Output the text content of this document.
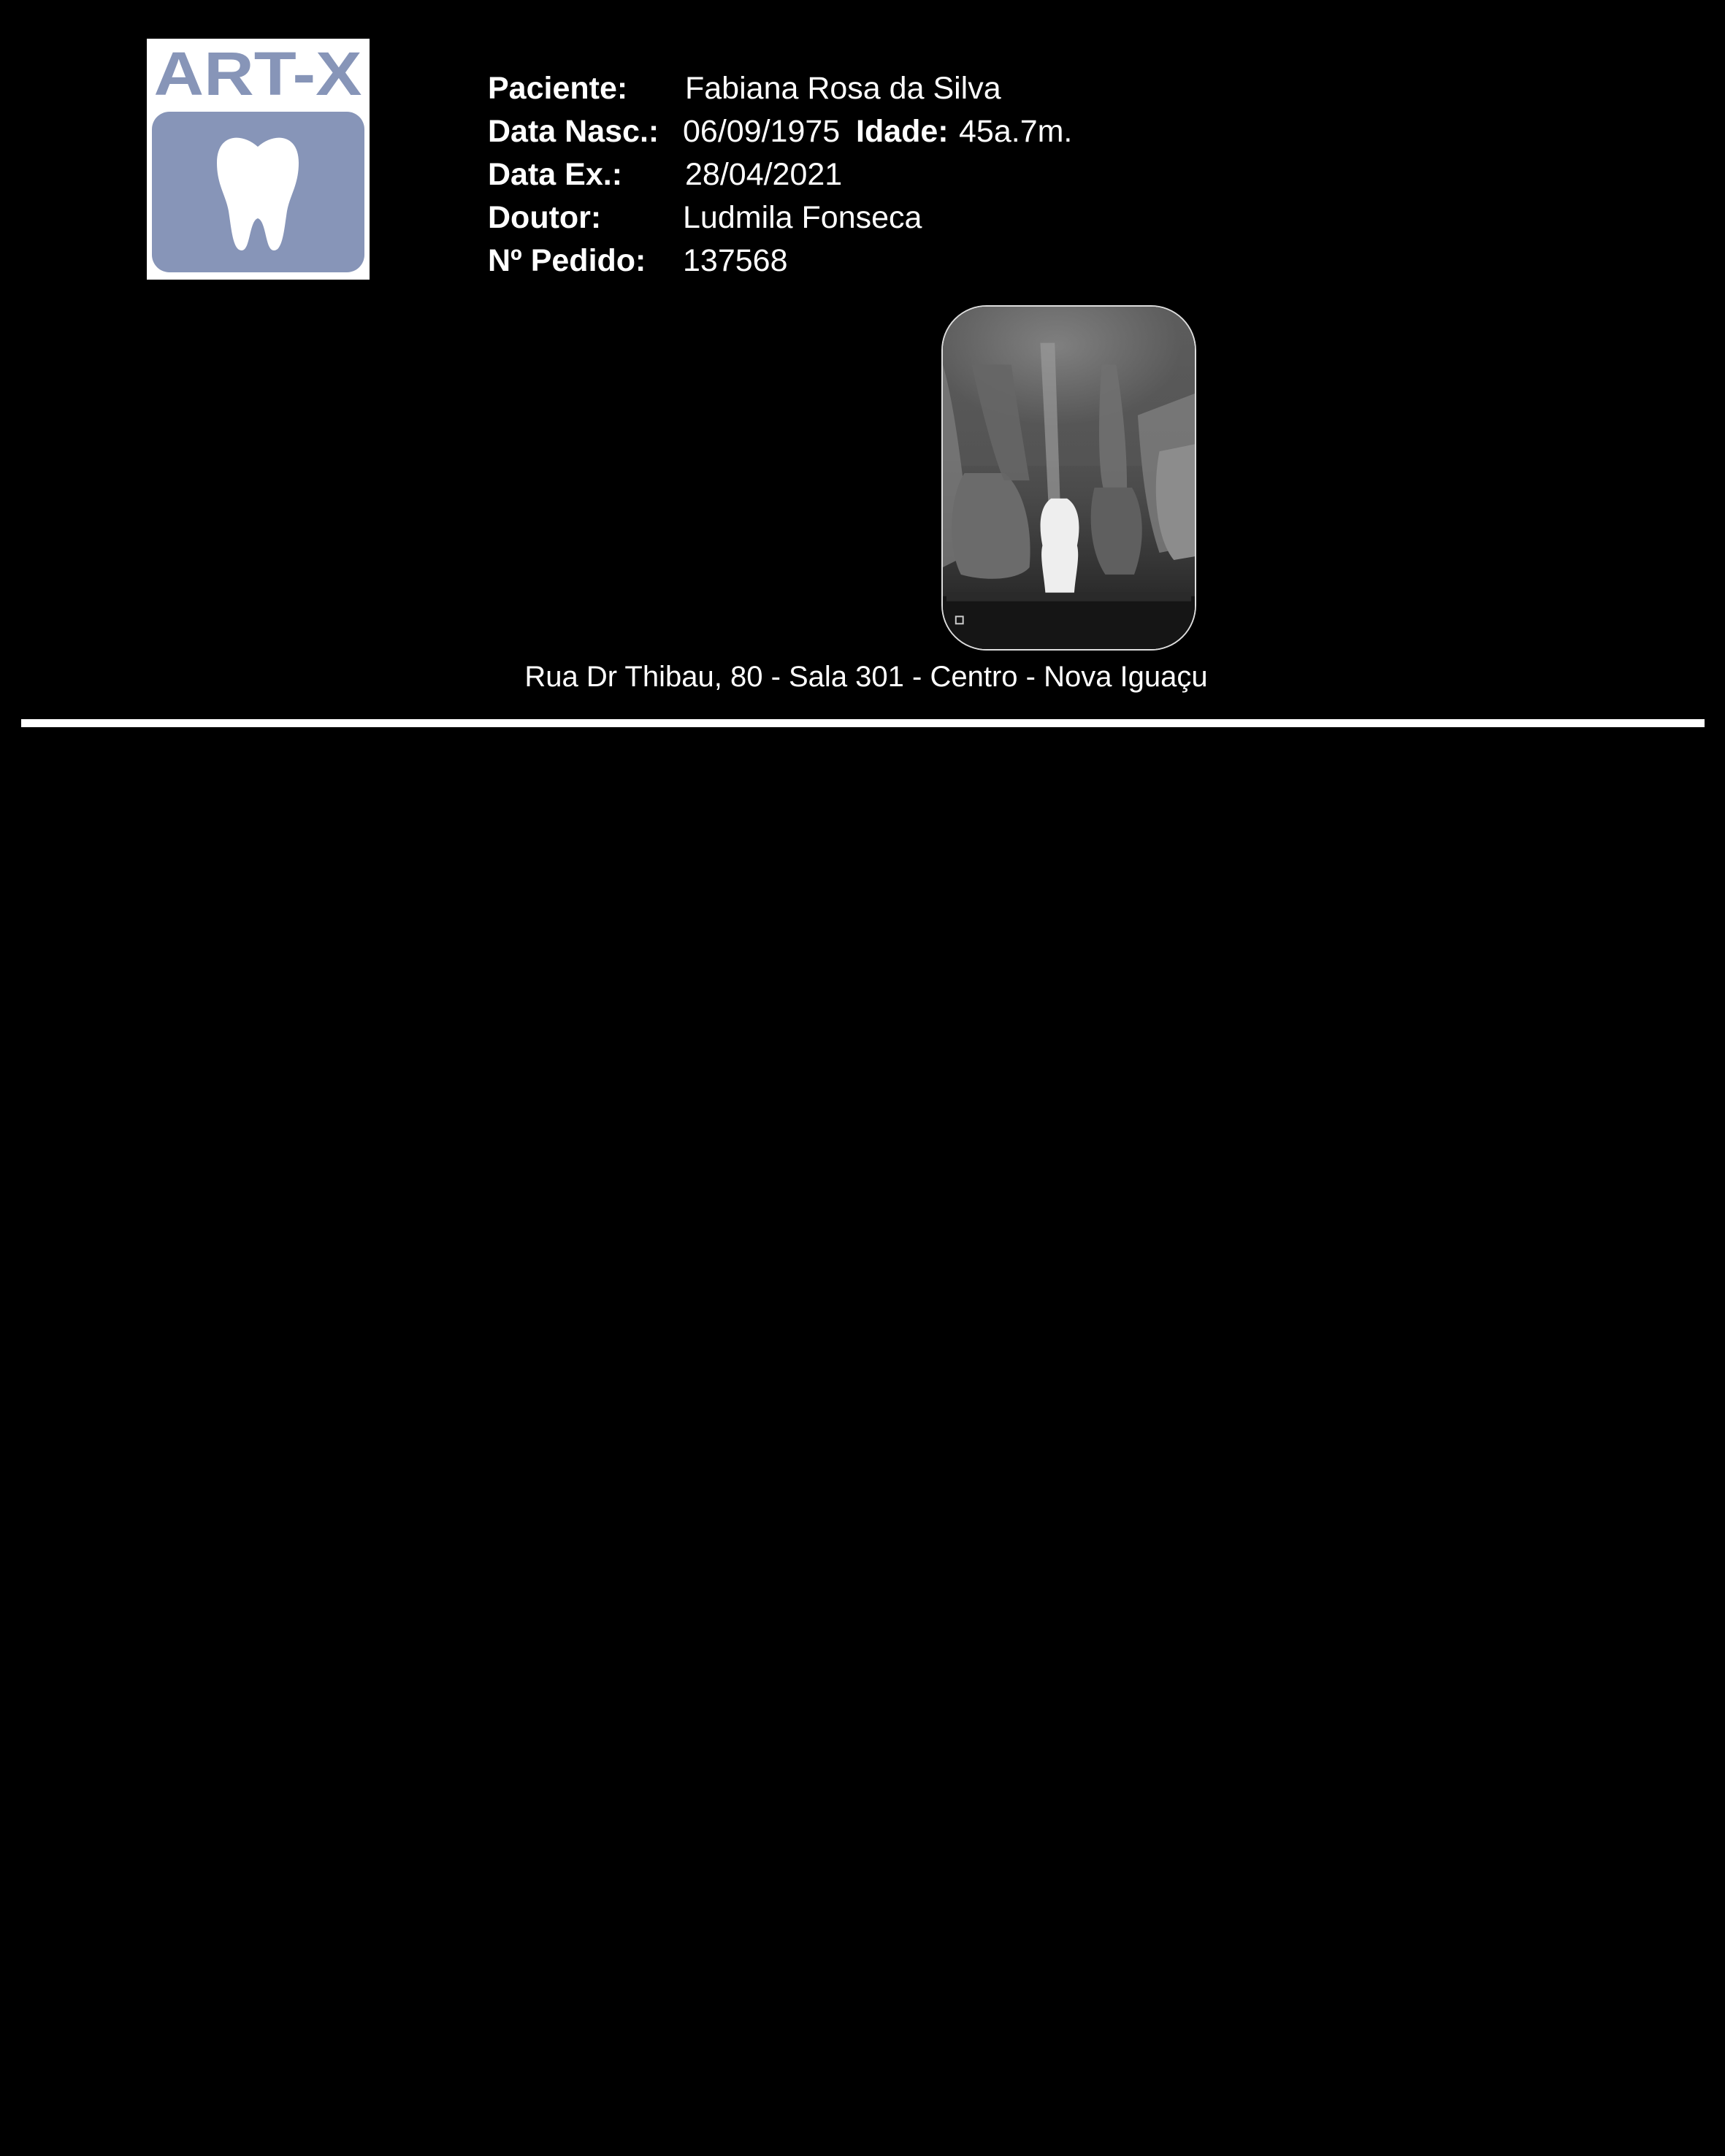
ART-X	Paciente: Fabiana Rosa da Silva
Data Nasc.: 06/09/1975 Idade: 45a.7m.
Data Ex.: 28/04/2021
Doutor:	Ludmila Fonseca
Nº Pedido: 137568
Rua Dr Thibau, 80 - Sala 301 - Centro - Nova Iguaçu
